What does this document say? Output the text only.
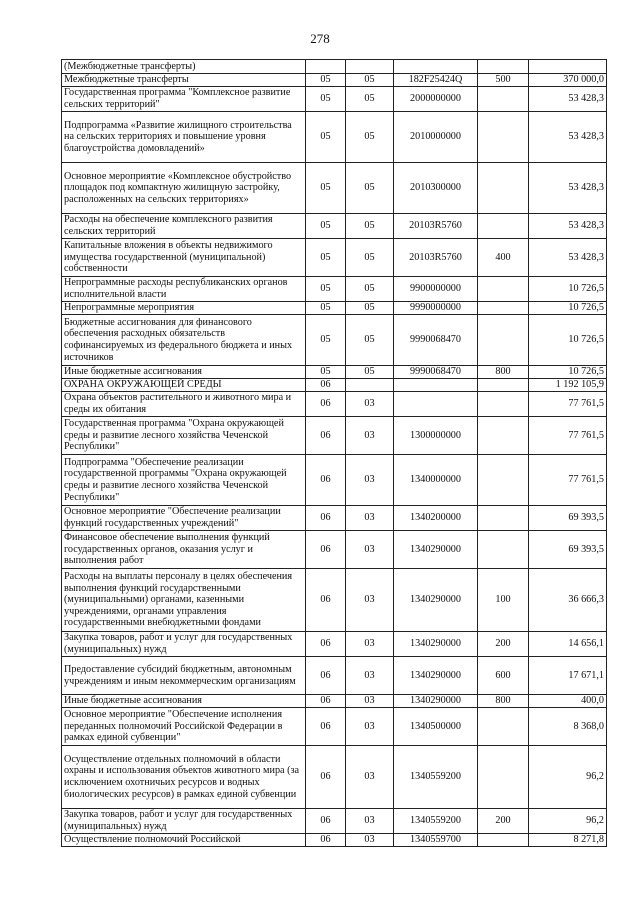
278
(Межбюджетные трансферты)					
Межбюджетные трансферты	05	05	182F25424Q	500	370 000,0
Государственная программа "Комплексное развитие сельских территорий"	05	05	2000000000		53 428,3
Подпрограмма «Развитие жилищного строительства на сельских территориях и повышение уровня благоустройства домовладений»	05	05	2010000000		53 428,3
Основное мероприятие «Комплексное обустройство площадок под компактную жилищную застройку, расположенных на сельских территориях»	05	05	2010300000		53 428,3
Расходы на обеспечение комплексного развития сельских территорий	05	05	20103R5760		53 428,3
Капитальные вложения в объекты недвижимого имущества государственной (муниципальной) собственности	05	05	20103R5760	400	53 428,3
Непрограммные расходы республиканских органов исполнительной власти	05	05	9900000000		10 726,5
Непрограммные мероприятия	05	05	9990000000		10 726,5
Бюджетные ассигнования для финансового обеспечения расходных обязательств софинансируемых из федерального бюджета и иных источников	05	05	9990068470		10 726,5
Иные бюджетные ассигнования	05	05	9990068470	800	10 726,5
ОХРАНА ОКРУЖАЮЩЕЙ СРЕДЫ	06				1 192 105,9
Охрана объектов растительного и животного мира и среды их обитания	06	03			77 761,5
Государственная программа "Охрана окружающей среды и развитие лесного хозяйства Чеченской Республики"	06	03	1300000000		77 761,5
Подпрограмма "Обеспечение реализации государственной программы "Охрана окружающей среды и развитие лесного хозяйства Чеченской Республики"	06	03	1340000000		77 761,5
Основное мероприятие "Обеспечение реализации функций государственных учреждений"	06	03	1340200000		69 393,5
Финансовое обеспечение выполнения функций государственных органов, оказания услуг и выполнения работ	06	03	1340290000		69 393,5
Расходы на выплаты персоналу в целях обеспечения выполнения функций государственными (муниципальными) органами, казенными учреждениями, органами управления государственными внебюджетными фондами	06	03	1340290000	100	36 666,3
Закупка товаров, работ и услуг для государственных (муниципальных) нужд	06	03	1340290000	200	14 656,1
Предоставление субсидий бюджетным, автономным учреждениям и иным некоммерческим организациям	06	03	1340290000	600	17 671,1
Иные бюджетные ассигнования	06	03	1340290000	800	400,0
Основное мероприятие "Обеспечение исполнения переданных полномочий Российской Федерации в рамках единой субвенции"	06	03	1340500000		8 368,0
Осуществление отдельных полномочий в области охраны и использования объектов животного мира (за исключением охотничьих ресурсов и водных биологических ресурсов) в рамках единой субвенции	06	03	1340559200		96,2
Закупка товаров, работ и услуг для государственных (муниципальных) нужд	06	03	1340559200	200	96,2
Осуществление полномочий Российской	06	03	1340559700		8 271,8
